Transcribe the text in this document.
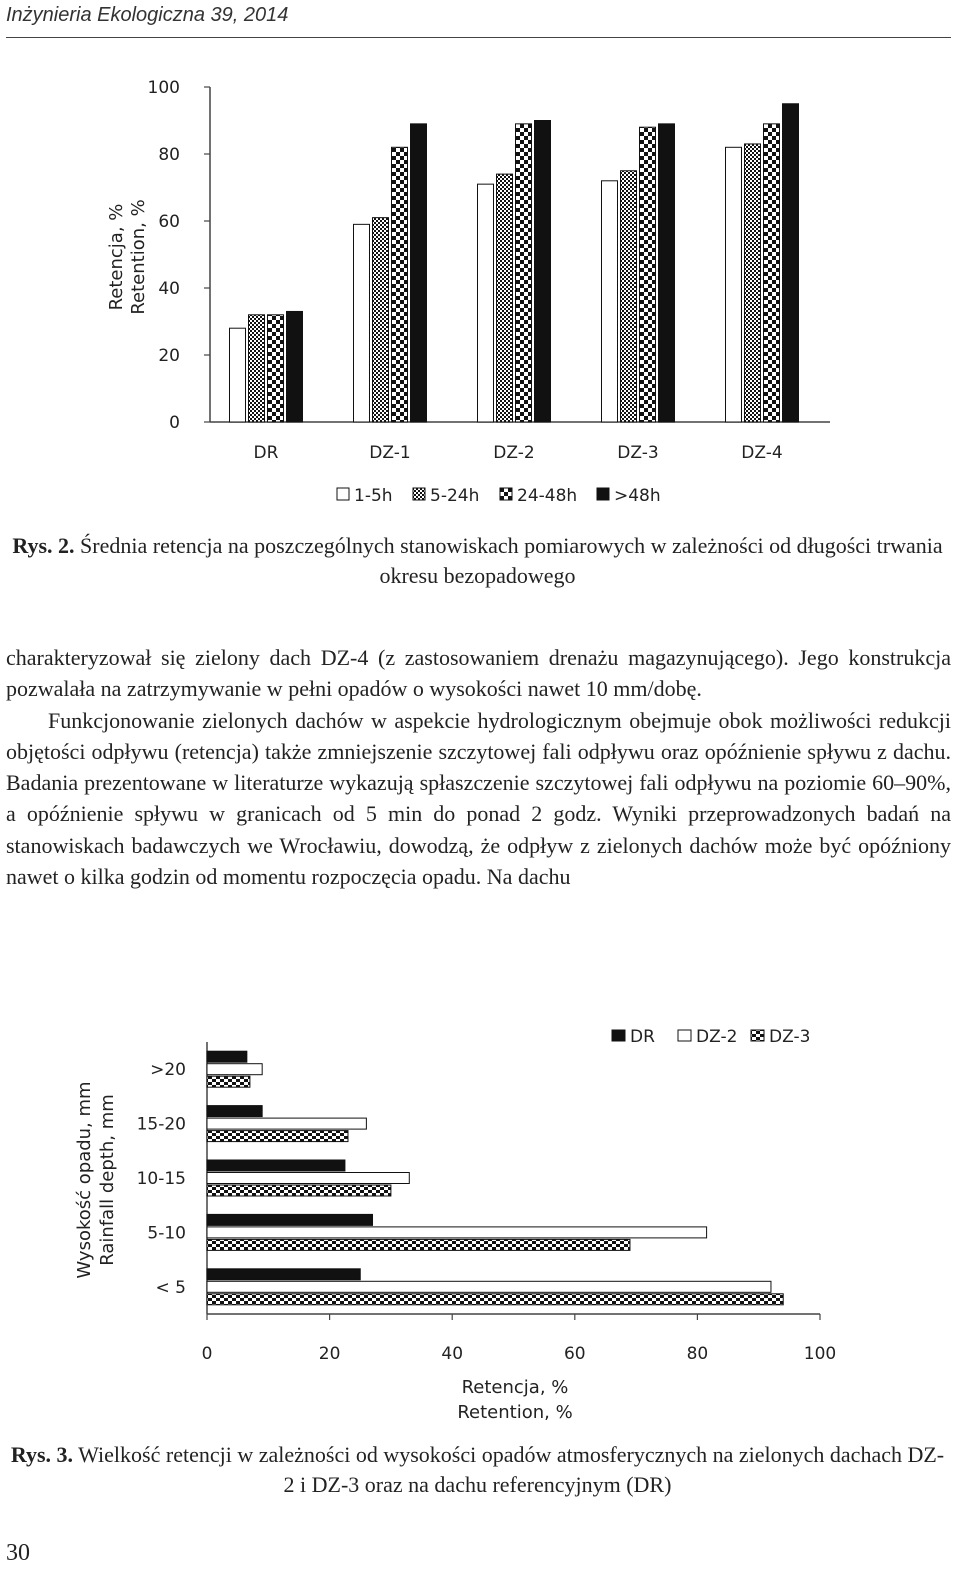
Inżynieria Ekologiczna 39, 2014
Retencja, % Retention, %
0
20
40
60
80
100
DR	DZ-1	DZ-2	DZ-3	DZ-4
1-5h 5-24h 24-48h >48h
Rys. 2. Średnia retencja na poszczególnych stanowiskach pomiarowych w zależności od długości trwania okresu bezopadowego

charakteryzował się zielony dach DZ-4 (z zastosowaniem drenażu magazynującego). Jego konstrukcja pozwalała na zatrzymywanie w pełni opadów o wysokości nawet 10 mm/dobę.

Funkcjonowanie zielonych dachów w aspekcie hydrologicznym obejmuje obok możliwości redukcji objętości odpływu (retencja) także zmniejszenie szczytowej fali odpływu oraz opóźnienie spływu z dachu. Badania prezentowane w literaturze wykazują spłaszczenie szczytowej fali odpływu na poziomie 60–90%, a opóźnienie spływu w granicach od 5 min do ponad 2 godz. Wyniki przeprowadzonych badań na stanowiskach badawczych we Wrocławiu, dowodzą, że odpływ z zielonych dachów może być opóźniony nawet o kilka godzin od momentu rozpoczęcia opadu. Na dachu

Wysokość opadu, mm Rainfall depth, mm
>20
15-20
10-15
5-10
< 5
0	20	40	60	80	100
Retencja, %
Retention, %
DR DZ-2 DZ-3
Rys. 3. Wielkość retencji w zależności od wysokości opadów atmosferycznych na zielonych dachach DZ-2 i DZ-3 oraz na dachu referencyjnym (DR)
30
